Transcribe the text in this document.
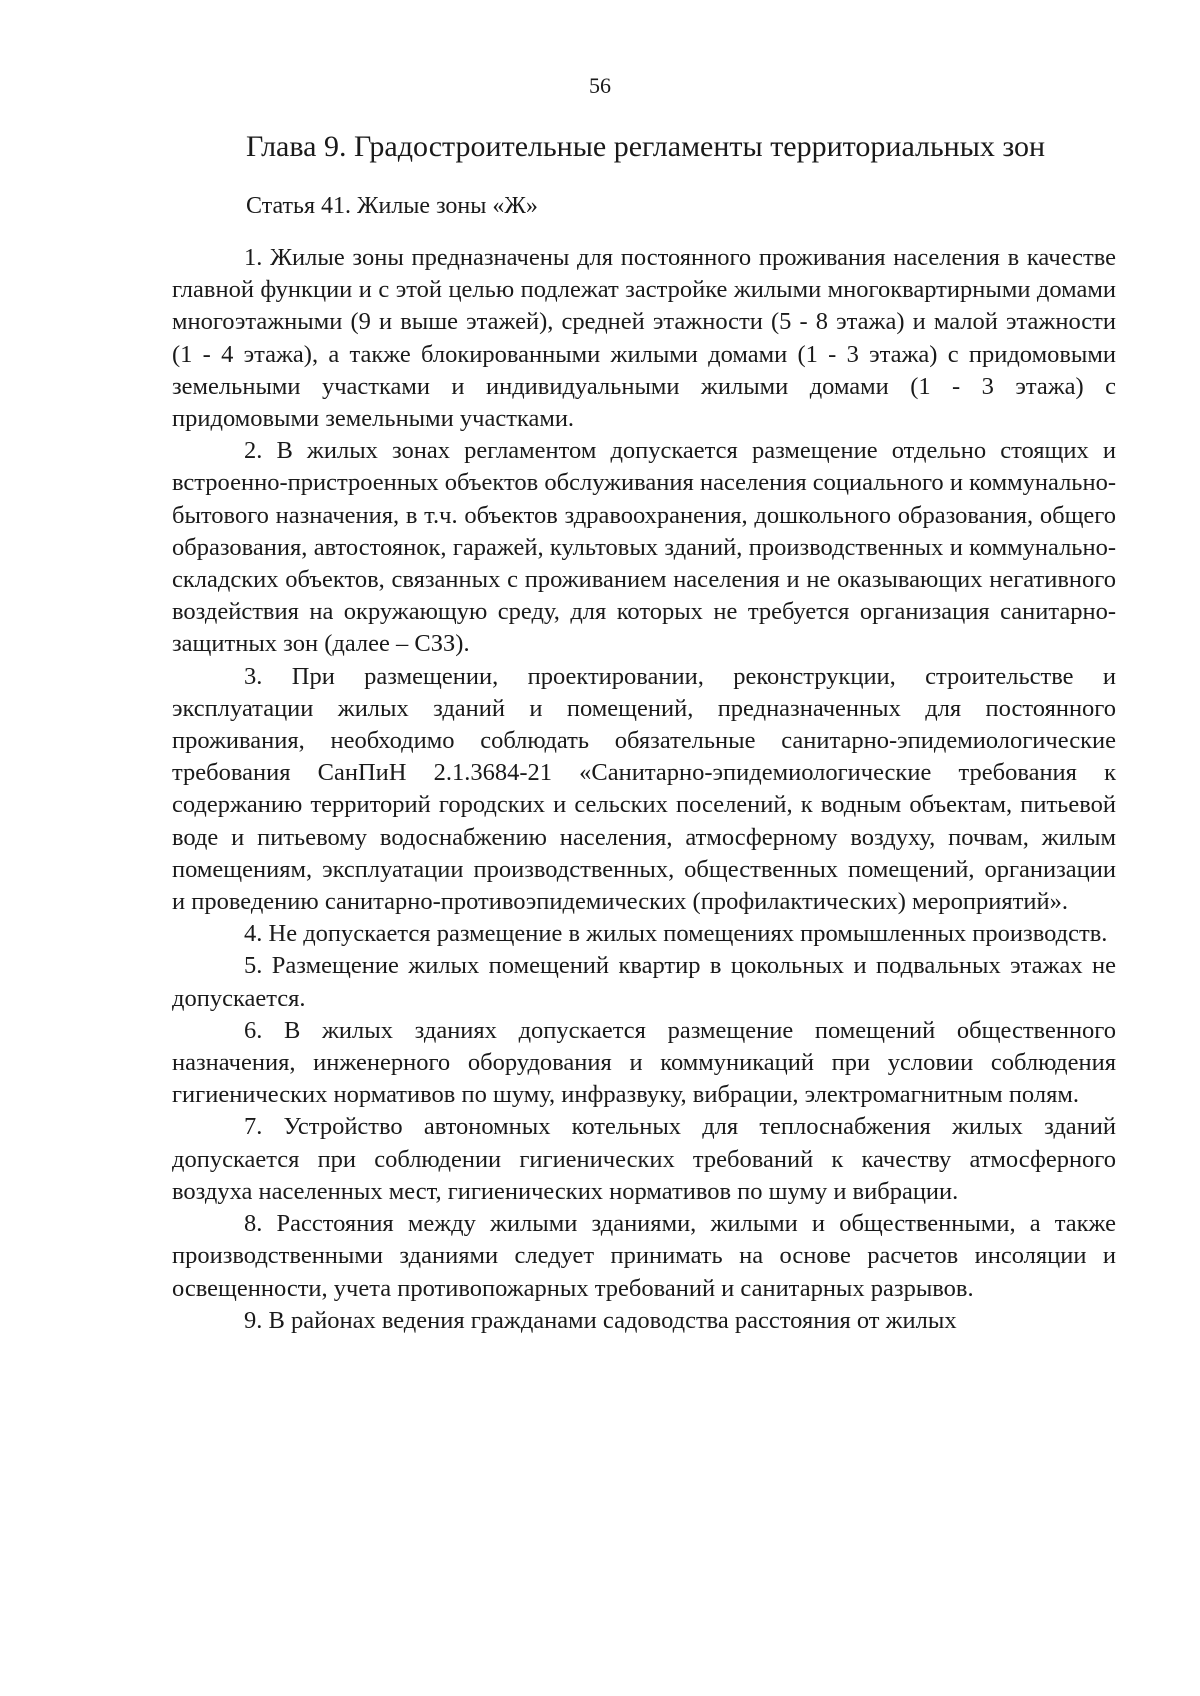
56
Глава 9. Градостроительные регламенты территориальных зон
Статья 41. Жилые зоны «Ж»

1. Жилые зоны предназначены для постоянного проживания населения в качестве главной функции и с этой целью подлежат застройке жилыми многоквартирными домами многоэтажными (9 и выше этажей), средней этажности (5 - 8 этажа) и малой этажности (1 - 4 этажа), а также блокированными жилыми домами (1 - 3 этажа) с придомовыми земельными участками и индивидуальными жилыми домами (1 - 3 этажа) с придомовыми земельными участками.

2. В жилых зонах регламентом допускается размещение отдельно стоящих и встроенно-пристроенных объектов обслуживания населения социального и коммунально-бытового назначения, в т.ч. объектов здравоохранения, дошкольного образования, общего образования, автостоянок, гаражей, культовых зданий, производственных и коммунально-складских объектов, связанных с проживанием населения и не оказывающих негативного воздействия на окружающую среду, для которых не требуется организация санитарно-защитных зон (далее – СЗЗ).

3. При размещении, проектировании, реконструкции, строительстве и эксплуатации жилых зданий и помещений, предназначенных для постоянного проживания, необходимо соблюдать обязательные санитарно-эпидемиологические требования СанПиН 2.1.3684-21 «Санитарно-эпидемиологические требования к содержанию территорий городских и сельских поселений, к водным объектам, питьевой воде и питьевому водоснабжению населения, атмосферному воздуху, почвам, жилым помещениям, эксплуатации производственных, общественных помещений, организации и проведению санитарно-противоэпидемических (профилактических) мероприятий».

4. Не допускается размещение в жилых помещениях промышленных производств.

5. Размещение жилых помещений квартир в цокольных и подвальных этажах не допускается.

6. В жилых зданиях допускается размещение помещений общественного назначения, инженерного оборудования и коммуникаций при условии соблюдения гигиенических нормативов по шуму, инфразвуку, вибрации, электромагнитным полям.

7. Устройство автономных котельных для теплоснабжения жилых зданий допускается при соблюдении гигиенических требований к качеству атмосферного воздуха населенных мест, гигиенических нормативов по шуму и вибрации.

8. Расстояния между жилыми зданиями, жилыми и общественными, а также производственными зданиями следует принимать на основе расчетов инсоляции и освещенности, учета противопожарных требований и санитарных разрывов.

9. В районах ведения гражданами садоводства расстояния от жилых
